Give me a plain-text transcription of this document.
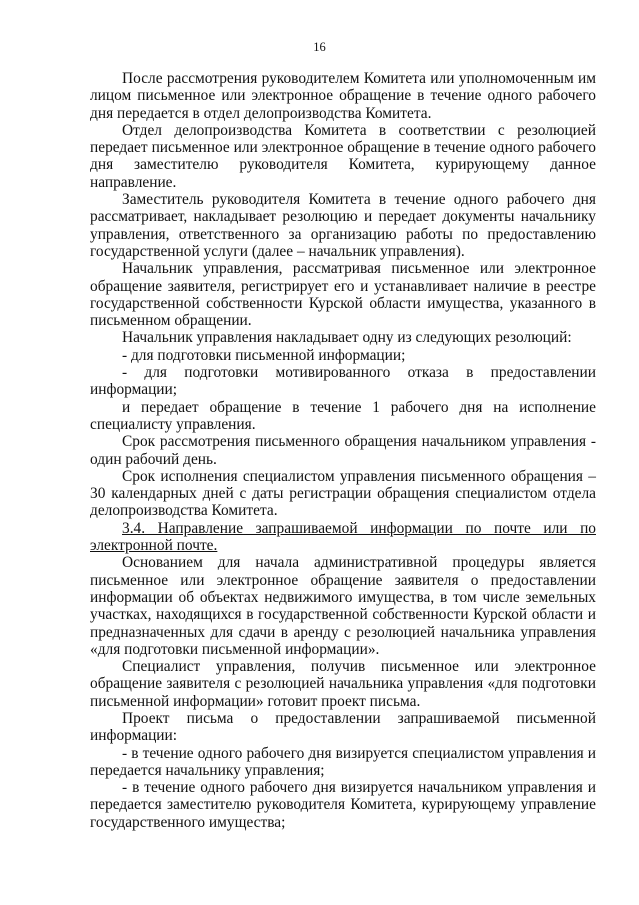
16

После рассмотрения руководителем Комитета или уполномоченным им лицом письменное или электронное обращение в течение одного рабочего дня передается в отдел делопроизводства Комитета.

Отдел делопроизводства Комитета в соответствии с резолюцией передает письменное или электронное обращение в течение одного рабочего дня заместителю руководителя Комитета, курирующему данное направление.

Заместитель руководителя Комитета в течение одного рабочего дня рассматривает, накладывает резолюцию и передает документы начальнику управления, ответственного за организацию работы по предоставлению государственной услуги (далее – начальник управления).

Начальник управления, рассматривая письменное или электронное обращение заявителя, регистрирует его и устанавливает наличие в реестре государственной собственности Курской области имущества, указанного в письменном обращении.

Начальник управления накладывает одну из следующих резолюций:

- для подготовки письменной информации;

- для подготовки мотивированного отказа в предоставлении информации;

и передает обращение в течение 1 рабочего дня на исполнение специалисту управления.

Срок рассмотрения письменного обращения начальником управления - один рабочий день.

Срок исполнения специалистом управления письменного обращения – 30 календарных дней с даты регистрации обращения специалистом отдела делопроизводства Комитета.

3.4. Направление запрашиваемой информации по почте или по электронной почте.

Основанием для начала административной процедуры является письменное или электронное обращение заявителя о предоставлении информации об объектах недвижимого имущества, в том числе земельных участках, находящихся в государственной собственности Курской области и предназначенных для сдачи в аренду с резолюцией начальника управления «для подготовки письменной информации».

Специалист управления, получив письменное или электронное обращение заявителя с резолюцией начальника управления «для подготовки письменной информации» готовит проект письма.

Проект письма о предоставлении запрашиваемой письменной информации:

- в течение одного рабочего дня визируется специалистом управления и передается начальнику управления;

- в течение одного рабочего дня визируется начальником управления и передается заместителю руководителя Комитета, курирующему управление государственного имущества;
